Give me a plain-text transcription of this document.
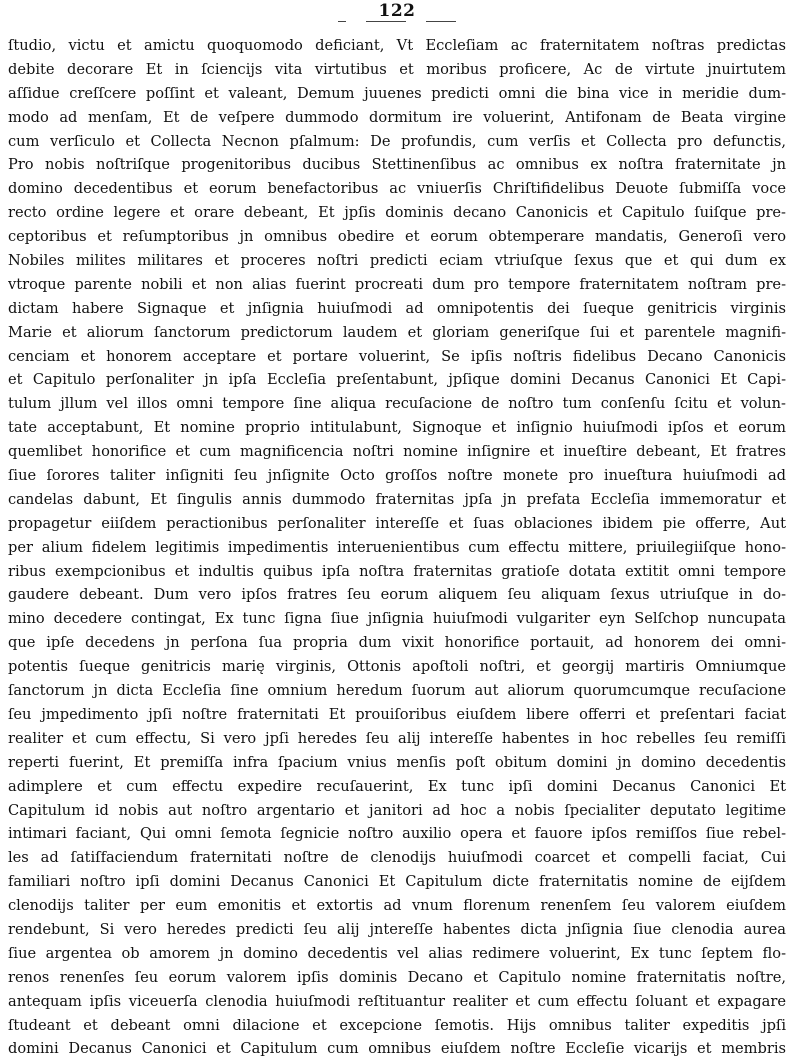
122
ſtudio, victu et amictu quoquomodo deficiant, Vt Eccleſiam ac fraternitatem noſtras predictas
debite decorare Et in ſciencijs vita virtutibus et moribus proficere, Ac de virtute jnuirtutem
aſſidue creſſcere poſſint et valeant, Demum juuenes predicti omni die bina vice in meridie dum-
modo ad menſam, Et de veſpere dummodo dormitum ire voluerint, Antifonam de Beata virgine
cum verſiculo et Collecta Necnon pſalmum: De profundis, cum verſis et Collecta pro defunctis,
Pro nobis noſtriſque progenitoribus ducibus Stettinenſibus ac omnibus ex noſtra fraternitate jn
domino decedentibus et eorum benefactoribus ac vniuerſis Chriſtifidelibus Deuote ſubmiſſa voce
recto ordine legere et orare debeant, Et jpſis dominis decano Canonicis et Capitulo ſuiſque pre-
ceptoribus et reſumptoribus jn omnibus obedire et eorum obtemperare mandatis, Generoſi vero
Nobiles milites militares et proceres noſtri predicti eciam vtriuſque ſexus que et qui dum ex
vtroque parente nobili et non alias fuerint procreati dum pro tempore fraternitatem noſtram pre-
dictam habere Signaque et jnſignia huiuſmodi ad omnipotentis dei ſueque genitricis virginis
Marie et aliorum ſanctorum predictorum laudem et gloriam generiſque ſui et parentele magnifi-
cenciam et honorem acceptare et portare voluerint, Se ipſis noſtris fidelibus Decano Canonicis
et Capitulo perſonaliter jn ipſa Eccleſia preſentabunt, jpſique domini Decanus Canonici Et Capi-
tulum jllum vel illos omni tempore ſine aliqua recuſacione de noſtro tum conſenſu ſcitu et volun-
tate acceptabunt, Et nomine proprio intitulabunt, Signoque et inſignio huiuſmodi ipſos et eorum
quemlibet honorifice et cum magnificencia noſtri nomine inſignire et inueſtire debeant, Et fratres
ſiue ſorores taliter inſigniti ſeu jnſignite Octo groſſos noſtre monete pro inueſtura huiuſmodi ad
candelas dabunt, Et ſingulis annis dummodo fraternitas jpſa jn prefata Eccleſia immemoratur et
propagetur eiiſdem peractionibus perſonaliter intereſſe et ſuas oblaciones ibidem pie offerre, Aut
per alium fidelem legitimis impedimentis interuenientibus cum effectu mittere, priuilegiiſque hono-
ribus exempcionibus et indultis quibus ipſa noſtra fraternitas gratioſe dotata extitit omni tempore
gaudere debeant. Dum vero ipſos fratres ſeu eorum aliquem ſeu aliquam ſexus utriuſque in do-
mino decedere contingat, Ex tunc ſigna ſiue jnſignia huiuſmodi vulgariter eyn Selſchop nuncupata
que ipſe decedens jn perſona ſua propria dum vixit honorifice portauit, ad honorem dei omni-
potentis ſueque genitricis marię virginis, Ottonis apoſtoli noſtri, et georgij martiris Omniumque
ſanctorum jn dicta Eccleſia ſine omnium heredum ſuorum aut aliorum quorumcumque recuſacione
ſeu jmpedimento jpſi noſtre fraternitati Et prouiſoribus eiuſdem libere offerri et preſentari faciat
realiter et cum effectu, Si vero jpſi heredes ſeu alij intereſſe habentes in hoc rebelles ſeu remiſſi
reperti fuerint, Et premiſſa infra ſpacium vnius menſis poſt obitum domini jn domino decedentis
adimplere et cum effectu expedire recuſauerint, Ex tunc ipſi domini Decanus Canonici Et
Capitulum id nobis aut noſtro argentario et janitori ad hoc a nobis ſpecialiter deputato legitime
intimari faciant, Qui omni ſemota ſegnicie noſtro auxilio opera et fauore ipſos remiſſos ſiue rebel-
les ad ſatiſfaciendum fraternitati noſtre de clenodijs huiuſmodi coarcet et compelli faciat, Cui
familiari noſtro ipſi domini Decanus Canonici Et Capitulum dicte fraternitatis nomine de eijſdem
clenodijs taliter per eum emonitis et extortis ad vnum florenum renenſem ſeu valorem eiuſdem
rendebunt, Si vero heredes predicti ſeu alij jntereſſe habentes dicta jnſignia ſiue clenodia aurea
ſiue argentea ob amorem jn domino decedentis vel alias redimere voluerint, Ex tunc ſeptem flo-
renos renenſes ſeu eorum valorem ipſis dominis Decano et Capitulo nomine fraternitatis noſtre,
antequam ipſis viceuerſa clenodia huiuſmodi reſtituantur realiter et cum effectu ſoluant et expagare
ſtudeant et debeant omni dilacione et excepcione ſemotis. Hijs omnibus taliter expeditis jpſi
domini Decanus Canonici et Capitulum cum omnibus eiuſdem noſtre Eccleſie vicarijs et membris
